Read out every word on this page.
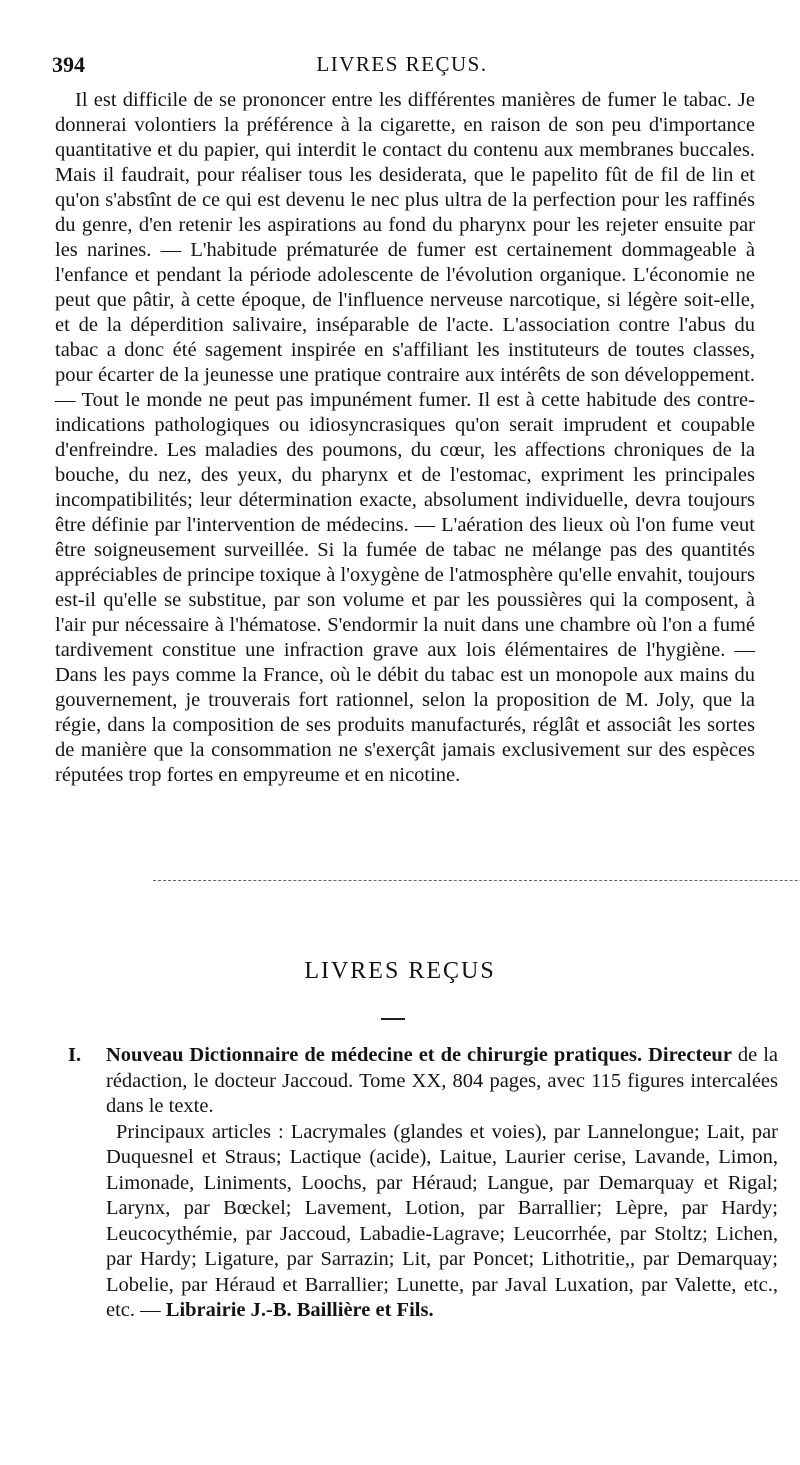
394	LIVRES REÇUS.

Il est difficile de se prononcer entre les différentes manières de fumer le tabac. Je donnerai volontiers la préférence à la cigarette, en raison de son peu d'importance quantitative et du papier, qui interdit le contact du contenu aux membranes buccales. Mais il faudrait, pour réaliser tous les desiderata, que le papelito fût de fil de lin et qu'on s'abstînt de ce qui est devenu le nec plus ultra de la perfection pour les raffinés du genre, d'en retenir les aspirations au fond du pharynx pour les rejeter ensuite par les narines. — L'habitude prématurée de fumer est certainement dommageable à l'enfance et pendant la période adolescente de l'évolution organique. L'économie ne peut que pâtir, à cette époque, de l'influence nerveuse narcotique, si légère soit-elle, et de la déperdition salivaire, inséparable de l'acte. L'association contre l'abus du tabac a donc été sagement inspirée en s'affiliant les instituteurs de toutes classes, pour écarter de la jeunesse une pratique contraire aux intérêts de son développement. — Tout le monde ne peut pas impunément fumer. Il est à cette habitude des contre-indications pathologiques ou idiosyncrasiques qu'on serait imprudent et coupable d'enfreindre. Les maladies des poumons, du cœur, les affections chroniques de la bouche, du nez, des yeux, du pharynx et de l'estomac, expriment les principales incompatibilités; leur détermination exacte, absolument individuelle, devra toujours être définie par l'intervention de médecins. — L'aération des lieux où l'on fume veut être soigneusement surveillée. Si la fumée de tabac ne mélange pas des quantités appréciables de principe toxique à l'oxygène de l'atmosphère qu'elle envahit, toujours est-il qu'elle se substitue, par son volume et par les poussières qui la composent, à l'air pur nécessaire à l'hématose. S'endormir la nuit dans une chambre où l'on a fumé tardivement constitue une infraction grave aux lois élémentaires de l'hygiène. — Dans les pays comme la France, où le débit du tabac est un monopole aux mains du gouvernement, je trouverais fort rationnel, selon la proposition de M. Joly, que la régie, dans la composition de ses produits manufacturés, réglât et associât les sortes de manière que la consommation ne s'exerçât jamais exclusivement sur des espèces réputées trop fortes en empyreume et en nicotine.

LIVRES REÇUS
I. Nouveau Dictionnaire de médecine et de chirurgie pratiques. Directeur de la rédaction, le docteur Jaccoud. Tome XX, 804 pages, avec 115 figures intercalées dans le texte.

Principaux articles : Lacrymales (glandes et voies), par Lannelongue; Lait, par Duquesnel et Straus; Lactique (acide), Laitue, Laurier cerise, Lavande, Limon, Limonade, Liniments, Loochs, par Héraud; Langue, par Demarquay et Rigal; Larynx, par Bœckel; Lavement, Lotion, par Barrallier; Lèpre, par Hardy; Leucocythémie, par Jaccoud, Labadie-Lagrave; Leucorrhée, par Stoltz; Lichen, par Hardy; Ligature, par Sarrazin; Lit, par Poncet; Lithotritie,, par Demarquay; Lobelie, par Héraud et Barrallier; Lunette, par Javal Luxation, par Valette, etc., etc. — Librairie J.-B. Baillière et Fils.
